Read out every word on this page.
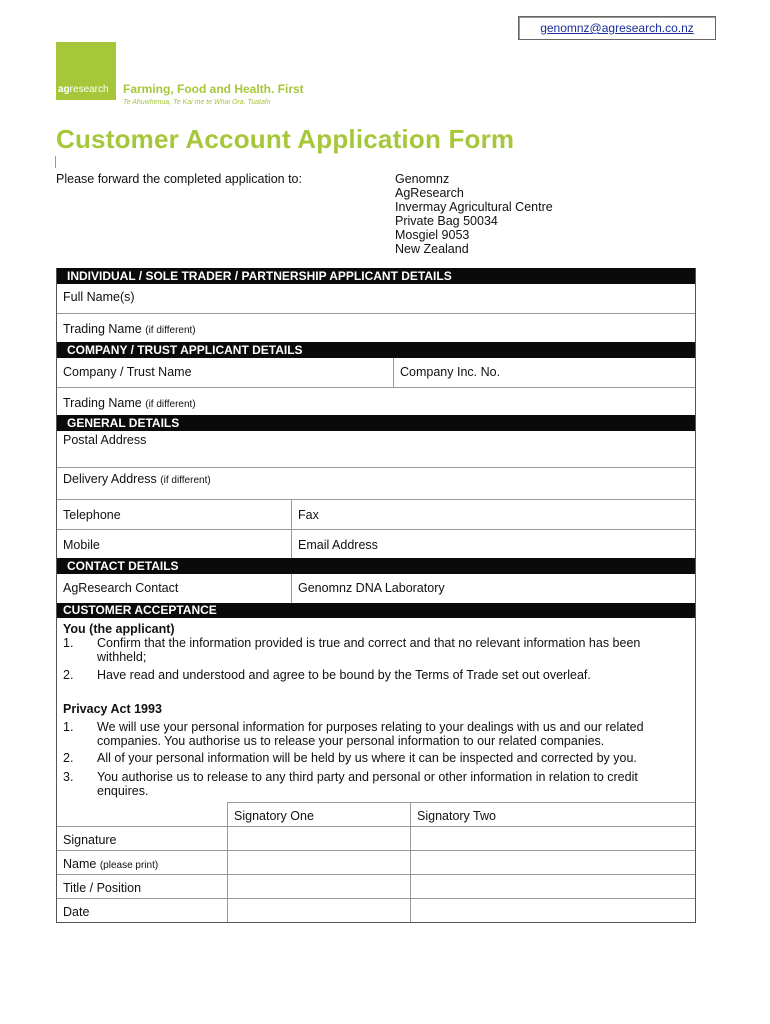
genomnz@agresearch.co.nz
agresearch Farming, Food and Health. First
Te Ahuwhenua, Te Kai me te Whai Ora. Tuatahi
Customer Account Application Form
Please forward the completed application to:	Genomnz
AgResearch
Invermay Agricultural Centre
Private Bag 50034
Mosgiel 9053
New Zealand
INDIVIDUAL / SOLE TRADER / PARTNERSHIP APPLICANT DETAILS
Full Name(s)
Trading Name (if different)
COMPANY / TRUST APPLICANT DETAILS
Company / Trust Name	Company Inc. No.
Trading Name (if different)
GENERAL DETAILS
Postal Address
Delivery Address (if different)
Telephone	Fax
Mobile	Email Address
CONTACT DETAILS
AgResearch Contact	Genomnz DNA Laboratory
CUSTOMER ACCEPTANCE
You (the applicant)
1.	Confirm that the information provided is true and correct and that no relevant information has been withheld;
2.	Have read and understood and agree to be bound by the Terms of Trade set out overleaf.
Privacy Act 1993
1.	We will use your personal information for purposes relating to your dealings with us and our related companies. You authorise us to release your personal information to our related companies.
2.	All of your personal information will be held by us where it can be inspected and corrected by you.
3.	You authorise us to release to any third party and personal or other information in relation to credit enquires.
Signatory One	Signatory Two
Signature
Name (please print)
Title / Position
Date
